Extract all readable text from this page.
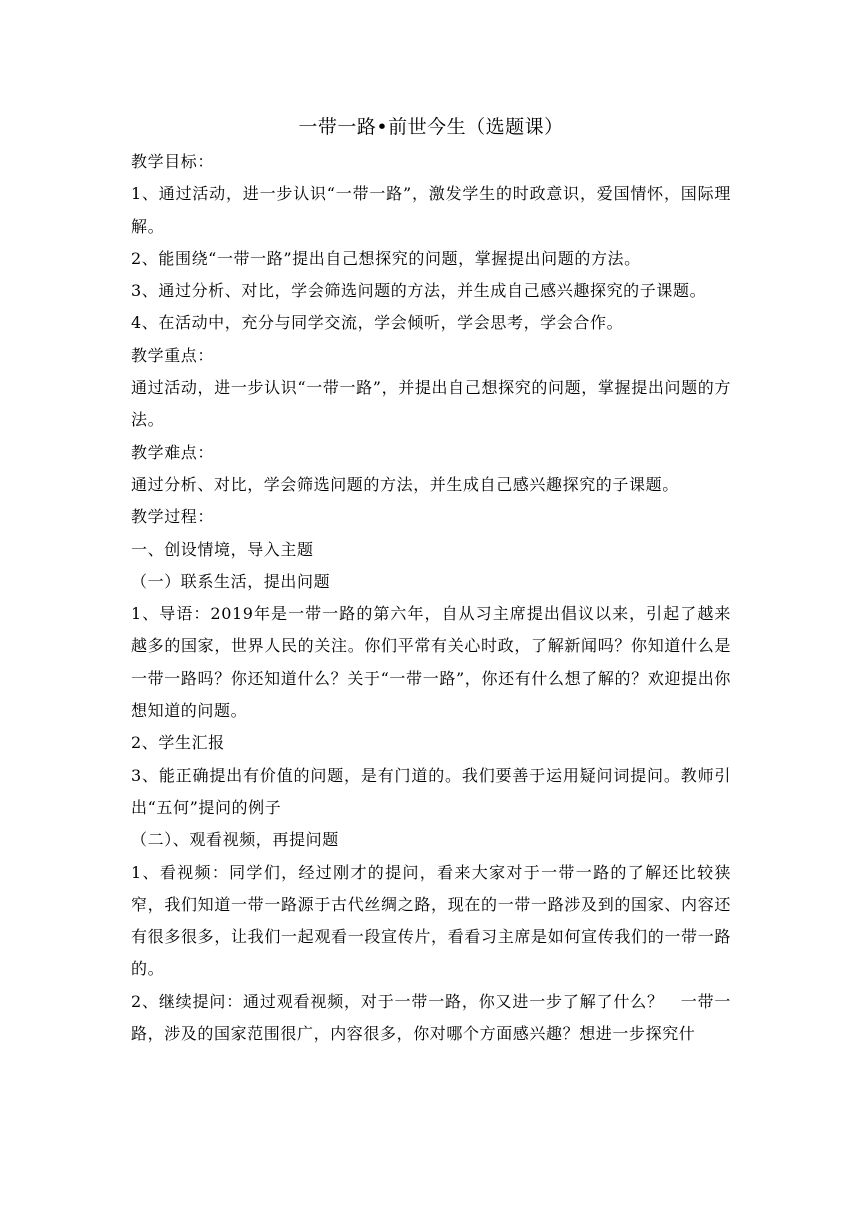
一带一路•前世今生（选题课）

教学目标：

1、通过活动，进一步认识“一带一路”，激发学生的时政意识，爱国情怀，国际理解。

2、能围绕“一带一路”提出自己想探究的问题，掌握提出问题的方法。

3、通过分析、对比，学会筛选问题的方法，并生成自己感兴趣探究的子课题。

4、在活动中，充分与同学交流，学会倾听，学会思考，学会合作。

教学重点：

通过活动，进一步认识“一带一路”，并提出自己想探究的问题，掌握提出问题的方法。

教学难点：

通过分析、对比，学会筛选问题的方法，并生成自己感兴趣探究的子课题。

教学过程：

一、创设情境，导入主题

（一）联系生活，提出问题

1、导语：2019年是一带一路的第六年，自从习主席提出倡议以来，引起了越来越多的国家，世界人民的关注。你们平常有关心时政，了解新闻吗？你知道什么是一带一路吗？你还知道什么？关于“一带一路”，你还有什么想了解的？欢迎提出你想知道的问题。

2、学生汇报

3、能正确提出有价值的问题，是有门道的。我们要善于运用疑问词提问。教师引出“五何”提问的例子

（二）、观看视频，再提问题

1、看视频：同学们，经过刚才的提问，看来大家对于一带一路的了解还比较狭窄，我们知道一带一路源于古代丝绸之路，现在的一带一路涉及到的国家、内容还有很多很多，让我们一起观看一段宣传片，看看习主席是如何宣传我们的一带一路的。

2、继续提问：通过观看视频，对于一带一路，你又进一步了解了什么？　一带一路，涉及的国家范围很广，内容很多，你对哪个方面感兴趣？想进一步探究什
